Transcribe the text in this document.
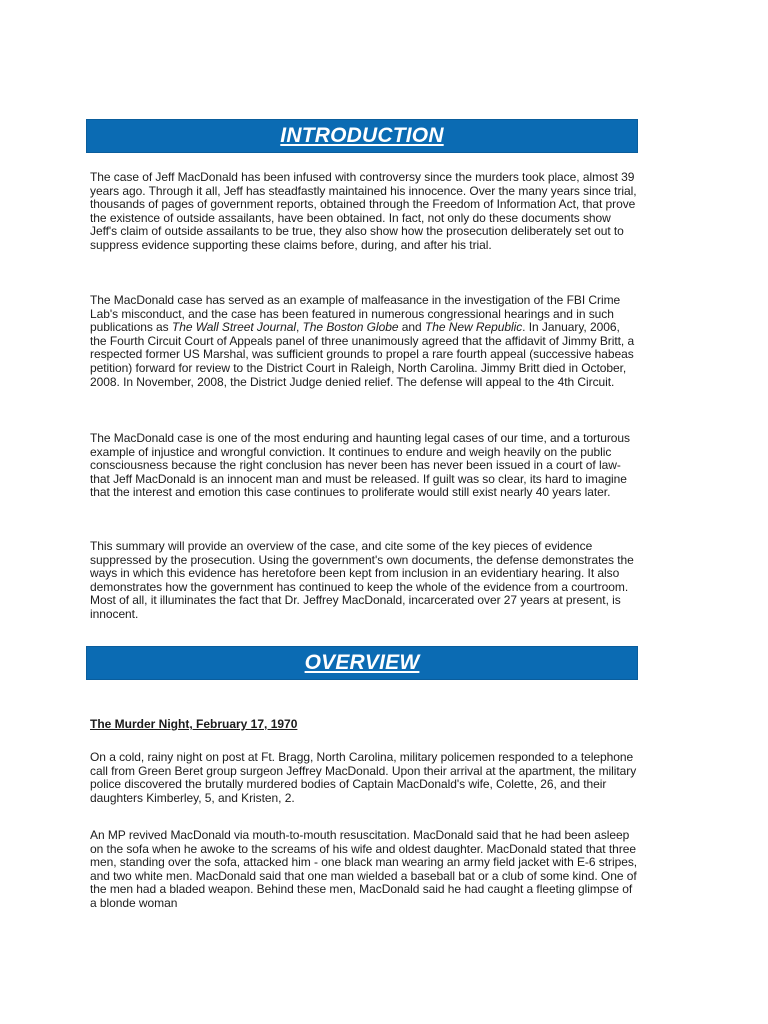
INTRODUCTION

The case of Jeff MacDonald has been infused with controversy since the murders took place, almost 39 years ago. Through it all, Jeff has steadfastly maintained his innocence. Over the many years since trial, thousands of pages of government reports, obtained through the Freedom of Information Act, that prove the existence of outside assailants, have been obtained. In fact, not only do these documents show Jeff's claim of outside assailants to be true, they also show how the prosecution deliberately set out to suppress evidence supporting these claims before, during, and after his trial.

The MacDonald case has served as an example of malfeasance in the investigation of the FBI Crime Lab's misconduct, and the case has been featured in numerous congressional hearings and in such publications as The Wall Street Journal, The Boston Globe and The New Republic. In January, 2006, the Fourth Circuit Court of Appeals panel of three unanimously agreed that the affidavit of Jimmy Britt, a respected former US Marshal, was sufficient grounds to propel a rare fourth appeal (successive habeas petition) forward for review to the District Court in Raleigh, North Carolina. Jimmy Britt died in October, 2008. In November, 2008, the District Judge denied relief. The defense will appeal to the 4th Circuit.

The MacDonald case is one of the most enduring and haunting legal cases of our time, and a torturous example of injustice and wrongful conviction. It continues to endure and weigh heavily on the public consciousness because the right conclusion has never been has never been issued in a court of law- that Jeff MacDonald is an innocent man and must be released. If guilt was so clear, its hard to imagine that the interest and emotion this case continues to proliferate would still exist nearly 40 years later.

This summary will provide an overview of the case, and cite some of the key pieces of evidence suppressed by the prosecution. Using the government's own documents, the defense demonstrates the ways in which this evidence has heretofore been kept from inclusion in an evidentiary hearing. It also demonstrates how the government has continued to keep the whole of the evidence from a courtroom. Most of all, it illuminates the fact that Dr. Jeffrey MacDonald, incarcerated over 27 years at present, is innocent.

OVERVIEW

The Murder Night, February 17, 1970

On a cold, rainy night on post at Ft. Bragg, North Carolina, military policemen responded to a telephone call from Green Beret group surgeon Jeffrey MacDonald. Upon their arrival at the apartment, the military police discovered the brutally murdered bodies of Captain MacDonald's wife, Colette, 26, and their daughters Kimberley, 5, and Kristen, 2.

An MP revived MacDonald via mouth-to-mouth resuscitation. MacDonald said that he had been asleep on the sofa when he awoke to the screams of his wife and oldest daughter. MacDonald stated that three men, standing over the sofa, attacked him - one black man wearing an army field jacket with E-6 stripes, and two white men. MacDonald said that one man wielded a baseball bat or a club of some kind. One of the men had a bladed weapon. Behind these men, MacDonald said he had caught a fleeting glimpse of a blonde woman
